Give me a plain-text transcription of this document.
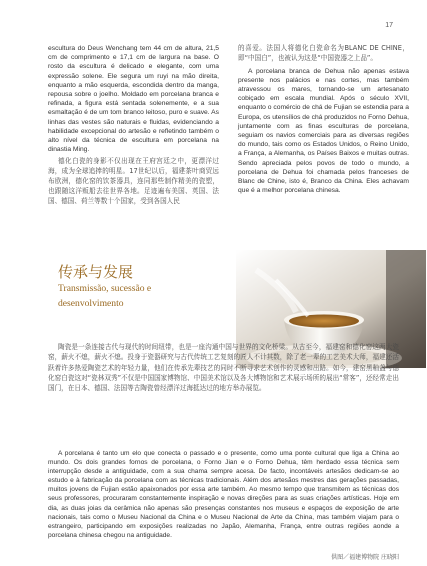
17

escultura do Deus Wenchang tem 44 cm de altura, 21,5 cm de comprimento e 17,1 cm de largura na base. O rosto da escultura é delicado e elegante, com uma expressão solene. Ele segura um ruyi na mão direita, enquanto a mão esquerda, escondida dentro da manga, repousa sobre o joelho. Moldado em porcelana branca e refinada, a figura está sentada solenemente, e a sua esmaltação é de um tom branco leitoso, puro e suave. As linhas das vestes são naturais e fluidas, evidenciando a habilidade excepcional do artesão e refletindo também o alto nível da técnica de escultura em porcelana na dinastia Ming.

德化白瓷的身影不仅出现在王府宫廷之中，更漂洋过海，成为全球追捧的明星。17世纪以后，福建茶叶商贸远布欧洲，德化窑的饮茶器具，连同那些制作精美的瓷塑，也跟随这洋贩船去往世界各地。足迹遍布美国、英国、法国、德国、荷兰等数十个国家，受到各国人民

的喜爱。法国人将德化白瓷命名为BLANC DE CHINE，即“中国白”，也被认为这是“中国瓷器之上品”。

A porcelana branca de Dehua não apenas estava presente nos palácios e nas cortes, mas também atravessou os mares, tornando-se um artesanato cobiçado em escala mundial. Após o século XVII, enquanto o comércio de chá de Fujian se estendia para a Europa, os utensílios de chá produzidos no Forno Dehua, juntamente com as finas esculturas de porcelana, seguiam os navios comerciais para as diversas regiões do mundo, tais como os Estados Unidos, o Reino Unido, a França, a Alemanha, os Países Baixos e muitas outras. Sendo apreciada pelos povos de todo o mundo, a porcelana de Dehua foi chamada pelos franceses de Blanc de Chine, isto é, Branco da China. Eles achavam que é a melhor porcelana chinesa.

传承与发展

Transmissão, sucessão e

desenvolvimento

陶瓷是一条连接古代与现代的时间纽带，也是一座沟通中国与世界的文化桥梁。从古至今，福建窑和德化窑这两大瓷窑，薪火不熄，薪火不熄。投身于瓷器研究与古代传统工艺复刻的匠人不计其数，除了老一辈的工艺美术大师，福建还活跃着许多热爱陶瓷艺术的年轻力量，他们在传承先辈技艺的同时不断寻求艺术创作的灵感和出路。如今，建窑黑釉盏与德化窑白瓷这对“瓷林双秀”不仅是中国国家博物馆、中国美术馆以及各大博物馆和艺术展示场所的展出“常客”，还经常走出国门，在日本、德国、法国等古陶瓷曾经漂洋过海抵达过的地方举办展览。

A porcelana é tanto um elo que conecta o passado e o presente, como uma ponte cultural que liga a China ao mundo. Os dois grandes fornos de porcelana, o Forno Jian e o Forno Dehua, têm herdado essa técnica sem interrupção desde a antiguidade, com a sua chama sempre acesa. De facto, incontáveis artesãos dedicam-se ao estudo e à fabricação da porcelana com as técnicas tradicionais. Além dos artesãos mestres das gerações passadas, muitos jovens de Fujian estão apaixonados por essa arte também. Ao mesmo tempo que transmitem as técnicas dos seus professores, procuraram constantemente inspiração e novas direções para as suas criações artísticas. Hoje em dia, as duas joias da cerâmica não apenas são presenças constantes nos museus e espaços de exposição de arte nacionais, tais como o Museu Nacional da China e o Museu Nacional de Arte da China, mas também viajam para o estrangeiro, participando em exposições realizadas no Japão, Alemanha, França, entre outras regiões aonde a porcelana chinesa chegou na antiguidade.

供图／福建博物院 庄晓阳
